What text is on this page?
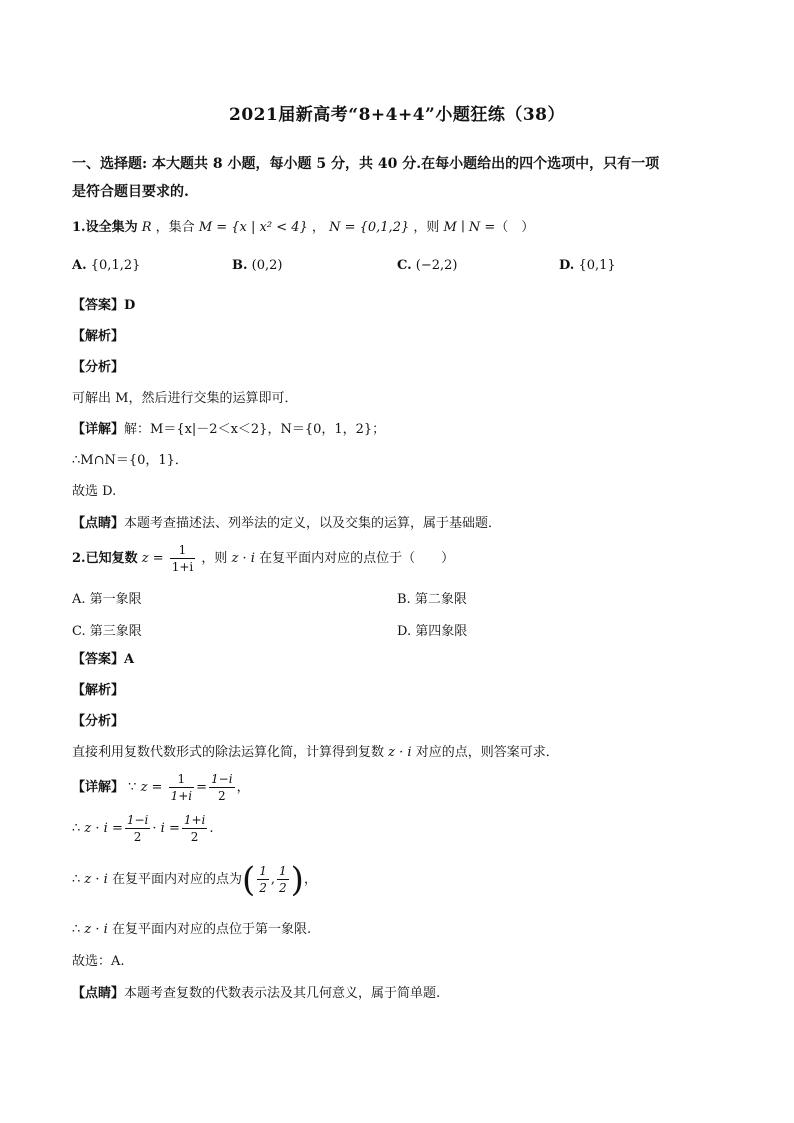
2021届新高考“8+4+4”小题狂练（38）
一、选择题: 本大题共 8 小题，每小题 5 分，共 40 分.在每小题给出的四个选项中，只有一项
是符合题目要求的.
1.设全集为 R ，集合 M = {x | x² < 4} ， N = {0,1,2} ，则 M ∣ N =（　）
A. {0,1,2}	B. (0,2)	C. (−2,2)	D. {0,1}
【答案】D
【解析】
【分析】
可解出 M，然后进行交集的运算即可．
【详解】解：M＝{x|－2＜x＜2}，N＝{0，1，2}；
∴M∩N＝{0，1}．
故选 D.
【点睛】本题考查描述法、列举法的定义，以及交集的运算，属于基础题．
2.已知复数 $z = \frac{1}{1+i}$ ，则 z · i 在复平面内对应的点位于（　　）
A. 第一象限	B. 第二象限
C. 第三象限	D. 第四象限
【答案】A
【解析】
【分析】
直接利用复数代数形式的除法运算化简，计算得到复数 z · i 对应的点，则答案可求．
【详解】 ∵ $z = \frac{1}{1+i} = \frac{1-i}{2}$ ，
∴ $z \cdot i = \frac{1-i}{2} \cdot i = \frac{1+i}{2}$ .
∴ z · i 在复平面内对应的点为( $\frac{1}{2}$ , $\frac{1}{2}$ )，
∴ z · i 在复平面内对应的点位于第一象限.
故选：A.
【点睛】本题考查复数的代数表示法及其几何意义，属于简单题.
